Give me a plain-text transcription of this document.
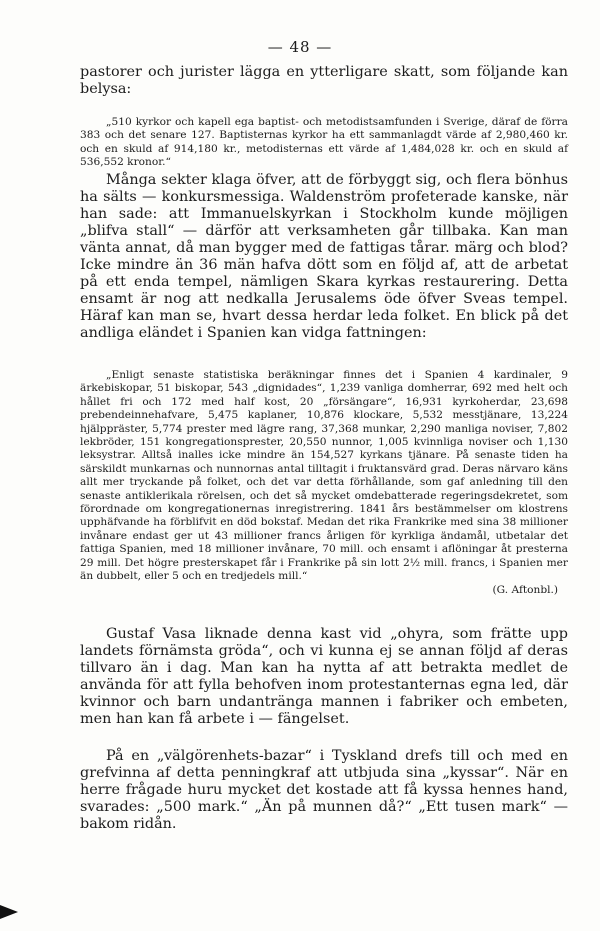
— 48 —

pastorer och jurister lägga en ytterligare skatt, som följande kan belysa:

„510 kyrkor och kapell ega baptist- och metodistsamfunden i Sverige, däraf de förra 383 och det senare 127. Baptisternas kyrkor ha ett sammanlagdt värde af 2,980,460 kr. och en skuld af 914,180 kr., metodisternas ett värde af 1,484,028 kr. och en skuld af 536,552 kronor.“

Många sekter klaga öfver, att de förbyggt sig, och flera bönhus ha sälts — konkursmessiga. Waldenström profeterade kanske, när han sade: att Immanuelskyrkan i Stockholm kunde möjligen „blifva stall“ — därför att verksamheten går tillbaka. Kan man vänta annat, då man bygger med de fattigas tårar. märg och blod? Icke mindre än 36 män hafva dött som en följd af, att de arbetat på ett enda tempel, nämligen Skara kyrkas restaurering. Detta ensamt är nog att nedkalla Jerusalems öde öfver Sveas tempel. Häraf kan man se, hvart dessa herdar leda folket. En blick på det andliga eländet i Spanien kan vidga fattningen:

„Enligt senaste statistiska beräkningar finnes det i Spanien 4 kardinaler, 9 ärkebiskopar, 51 biskopar, 543 „dignidades“, 1,239 vanliga domherrar, 692 med helt och hållet fri och 172 med half kost, 20 „försängare“, 16,931 kyrkoherdar, 23,698 prebendeinnehafvare, 5,475 kaplaner, 10,876 klockare, 5,532 messtjänare, 13,224 hjälppräster, 5,774 prester med lägre rang, 37,368 munkar, 2,290 manliga noviser, 7,802 lekbröder, 151 kongregationsprester, 20,550 nunnor, 1,005 kvinnliga noviser och 1,130 leksystrar. Alltså inalles icke mindre än 154,527 kyrkans tjänare. På senaste tiden ha särskildt munkarnas och nunnornas antal tilltagit i fruktansvärd grad. Deras närvaro käns allt mer tryckande på folket, och det var detta förhållande, som gaf anledning till den senaste antiklerikala rörelsen, och det så mycket omdebatterade regeringsdekretet, som förordnade om kongregationernas inregistrering. 1841 års bestämmelser om klostrens upphäfvande ha förblifvit en död bokstaf. Medan det rika Frankrike med sina 38 millioner invånare endast ger ut 43 millioner francs årligen för kyrkliga ändamål, utbetalar det fattiga Spanien, med 18 millioner invånare, 70 mill. och ensamt i aflöningar åt presterna 29 mill. Det högre presterskapet får i Frankrike på sin lott 2½ mill. francs, i Spanien mer än dubbelt, eller 5 och en tredjedels mill.“
(G. Aftonbl.)

Gustaf Vasa liknade denna kast vid „ohyra, som frätte upp landets förnämsta gröda“, och vi kunna ej se annan följd af deras tillvaro än i dag. Man kan ha nytta af att betrakta medlet de använda för att fylla behofven inom protestanternas egna led, där kvinnor och barn undantränga mannen i fabriker och embeten, men han kan få arbete i — fängelset.

På en „välgörenhets-bazar“ i Tyskland drefs till och med en grefvinna af detta penningkraf att utbjuda sina „kyssar“. När en herre frågade huru mycket det kostade att få kyssa hennes hand, svarades: „500 mark.“ „Än på munnen då?“ „Ett tusen mark“ — bakom ridån.
